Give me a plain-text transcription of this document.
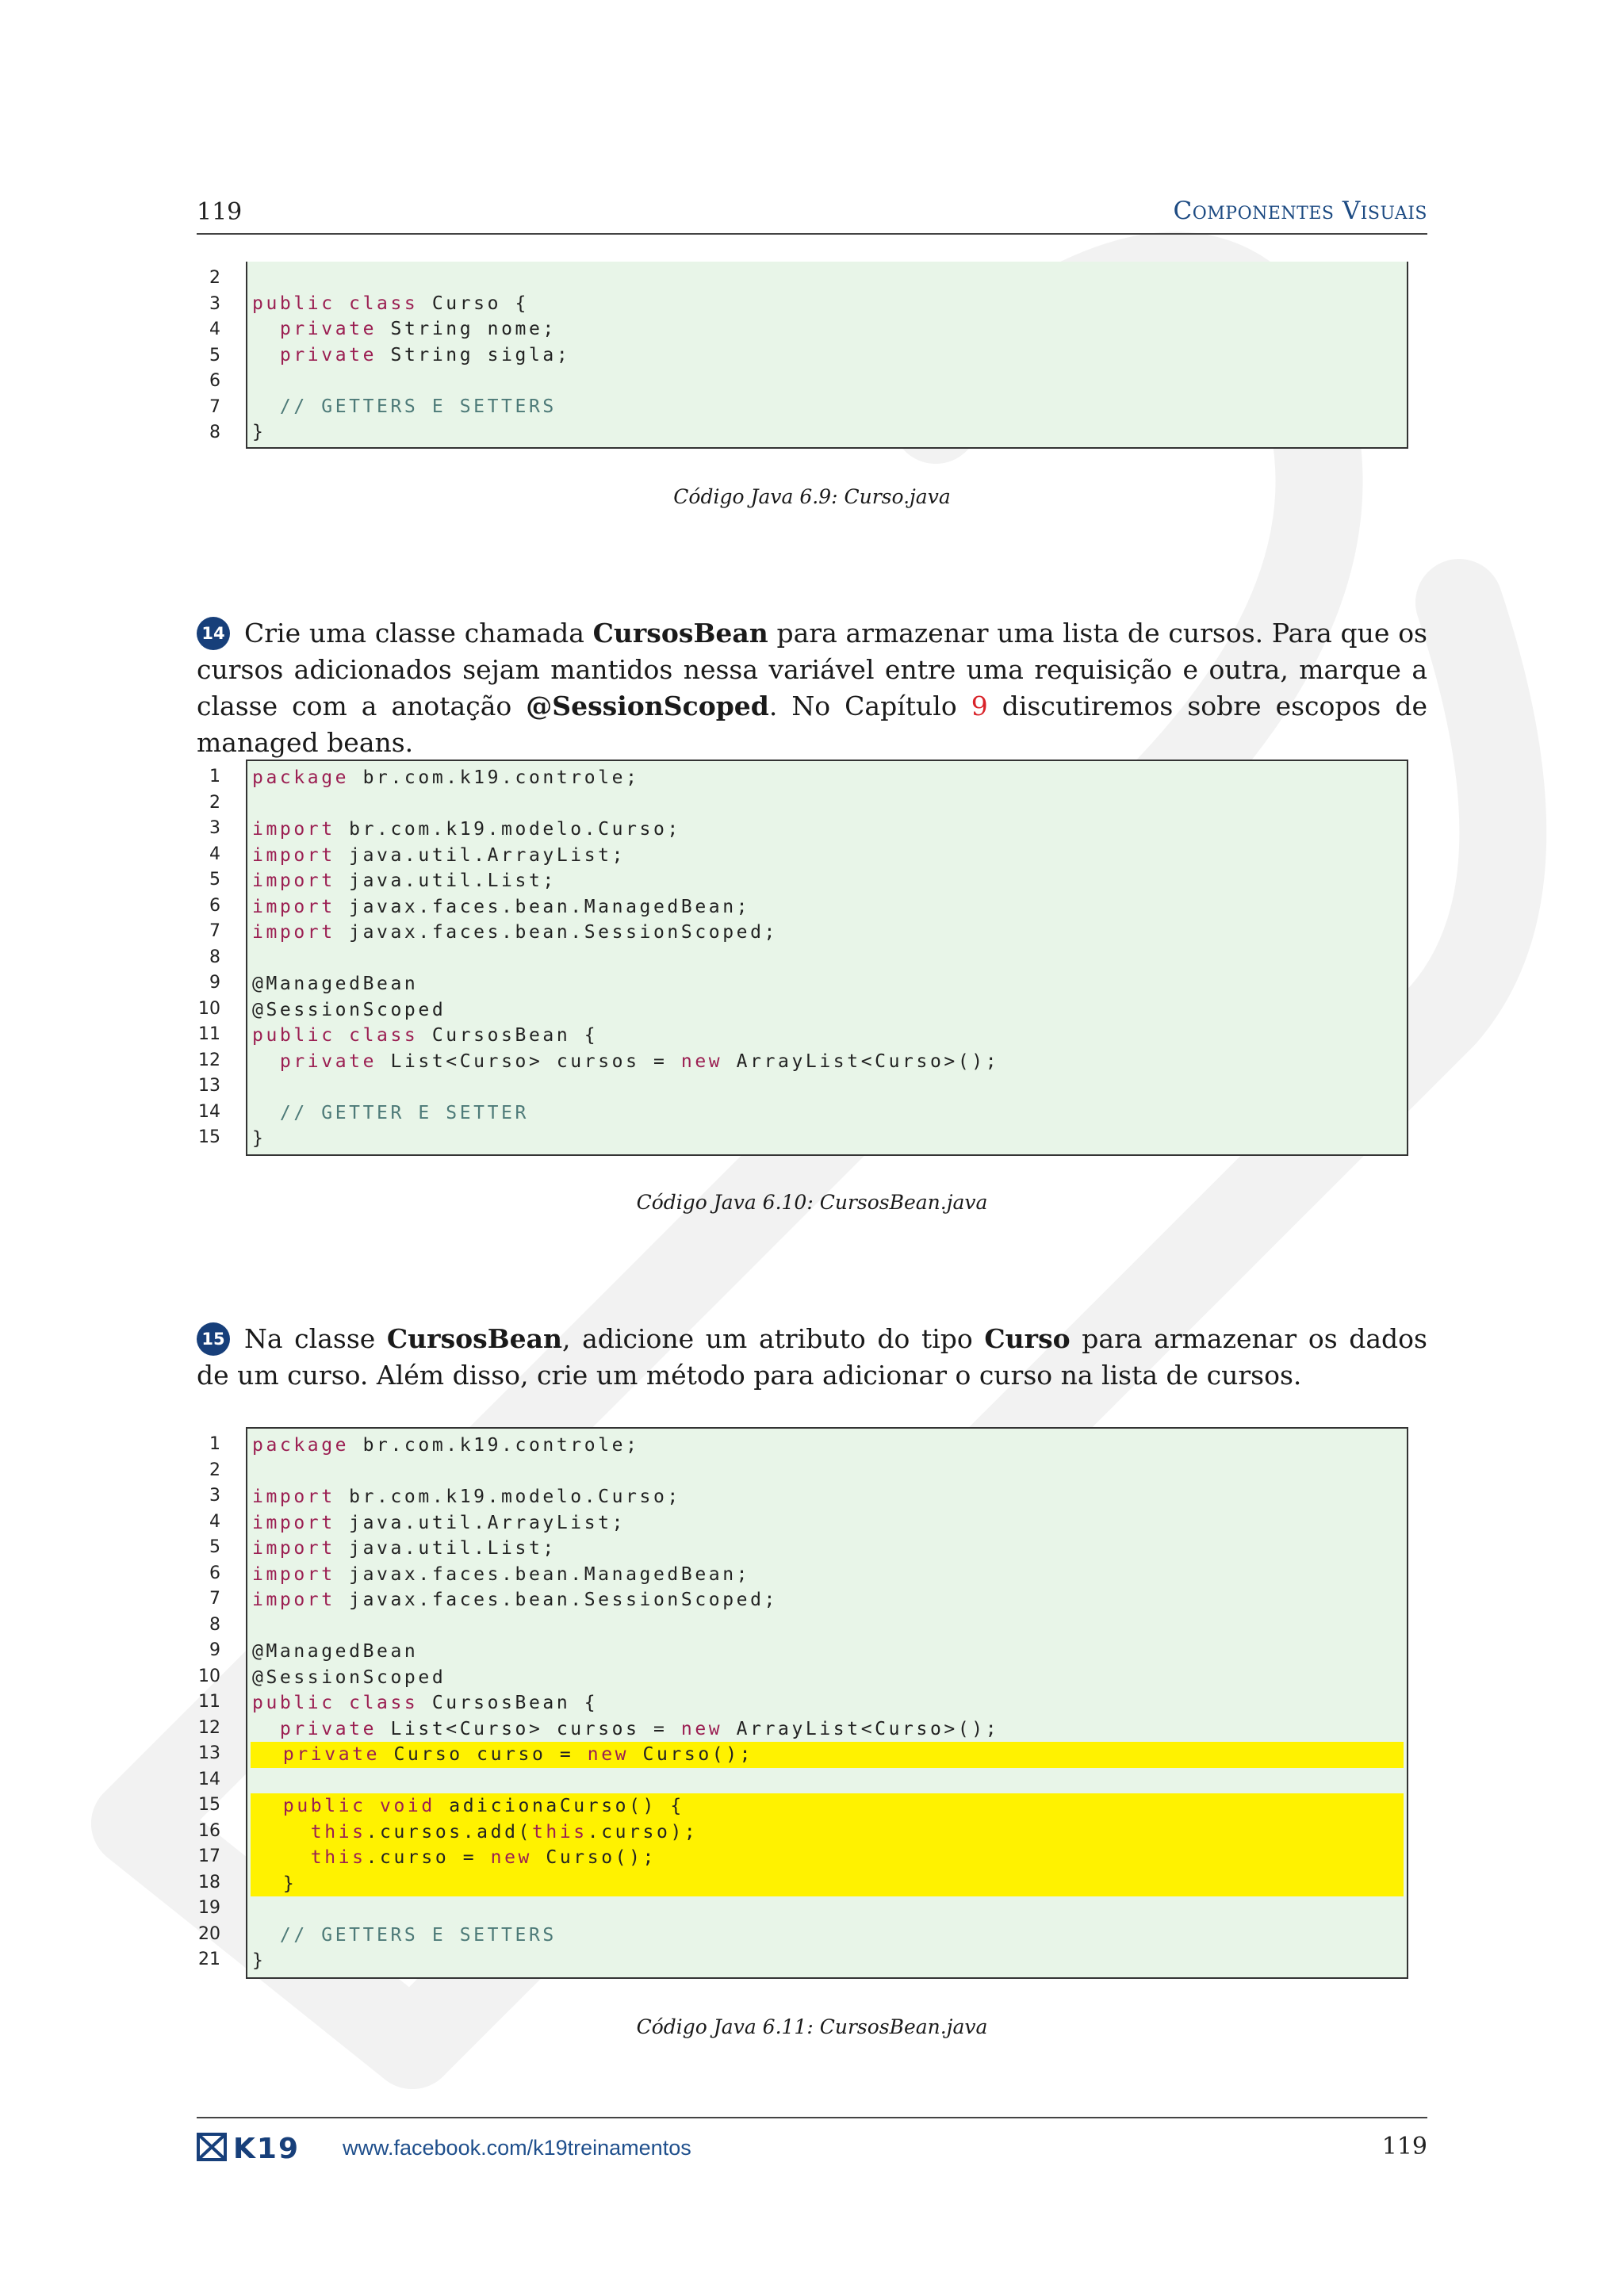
119	Componentes Visuais
public class Curso {
private String nome;
private String sigla;
// GETTERS E SETTERS
}
2
3
4
5
6
7
8
Código Java 6.9: Curso.java
14 Crie uma classe chamada CursosBean para armazenar uma lista de cursos. Para que os cursos adicionados sejam mantidos nessa variável entre uma requisição e outra, marque a classe com a anotação @SessionScoped. No Capítulo 9 discutiremos sobre escopos de managed beans.
package br.com.k19.controle;
import br.com.k19.modelo.Curso;
import java.util.ArrayList;
import java.util.List;
import javax.faces.bean.ManagedBean;
import javax.faces.bean.SessionScoped;
@ManagedBean
@SessionScoped
public class CursosBean {
private List<Curso> cursos = new ArrayList<Curso>();
// GETTER E SETTER
}
1
2
3
4
5
6
7
8
9
10
11
12
13
14
15
Código Java 6.10: CursosBean.java
15 Na classe CursosBean, adicione um atributo do tipo Curso para armazenar os dados de um curso. Além disso, crie um método para adicionar o curso na lista de cursos.
package br.com.k19.controle;
import br.com.k19.modelo.Curso;
import java.util.ArrayList;
import java.util.List;
import javax.faces.bean.ManagedBean;
import javax.faces.bean.SessionScoped;
@ManagedBean
@SessionScoped
public class CursosBean {
private List<Curso> cursos = new ArrayList<Curso>();
private Curso curso = new Curso();
public void adicionaCurso() {
this.cursos.add(this.curso);
this.curso = new Curso();
}
// GETTERS E SETTERS
}
1
2
3
4
5
6
7
8
9
10
11
12
13
14
15
16
17
18
19
20
21
Código Java 6.11: CursosBean.java
K19 www.facebook.com/k19treinamentos	119
